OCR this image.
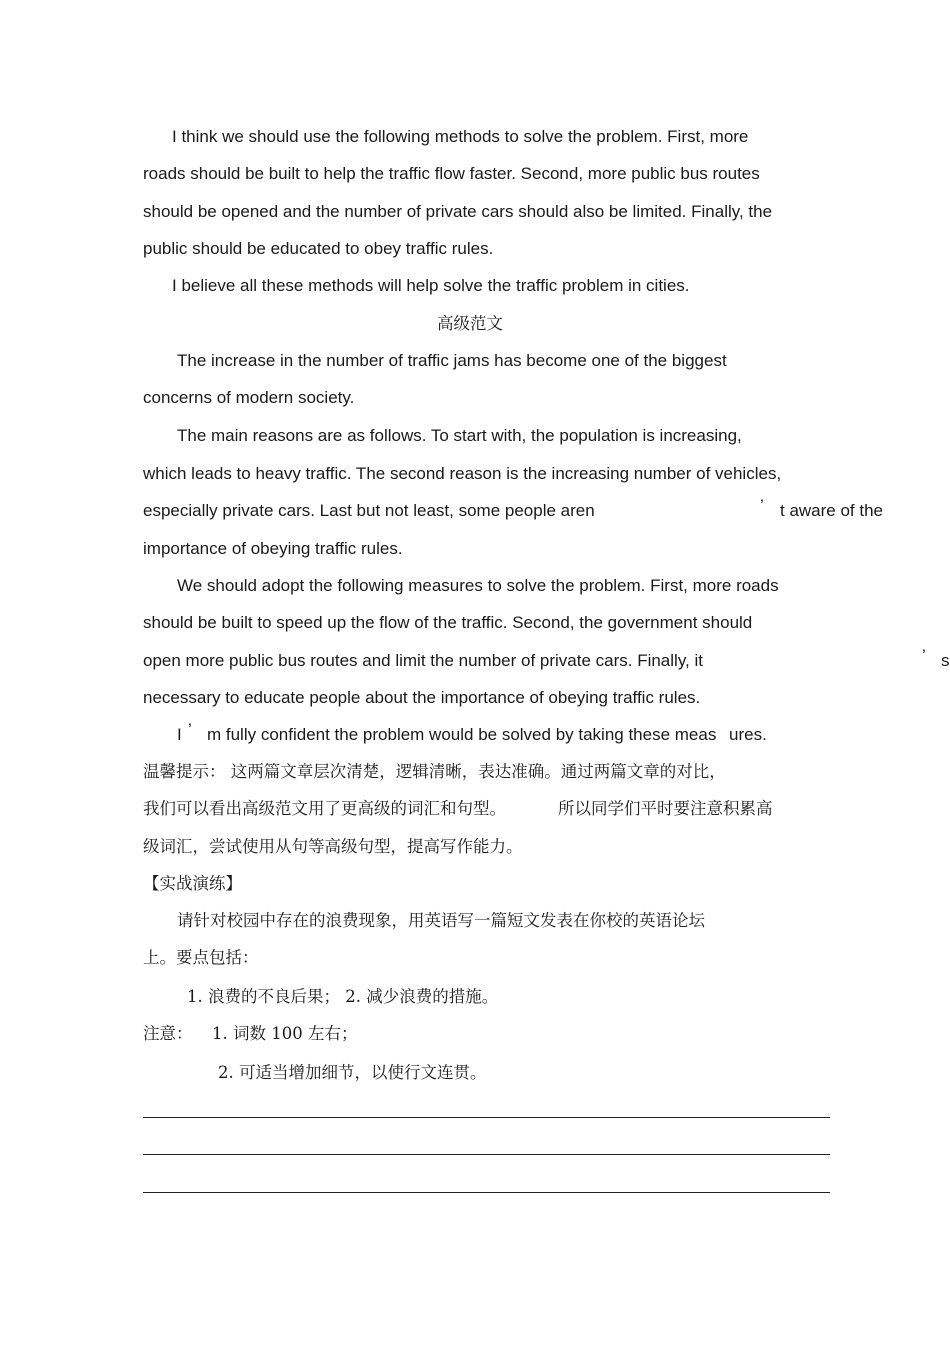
I think we should use the following methods to solve the problem. First, more
roads should be built to help the traffic flow faster. Second, more public bus routes
should be opened and the number of private cars should also be limited. Finally, the
public should be educated to obey traffic rules.
I believe all these methods will help solve the traffic problem in cities.
高级范文
The increase in the number of traffic jams has become one of the biggest
concerns of modern society.
The main reasons are as follows. To start with, the population is increasing,
which leads to heavy traffic. The second reason is the increasing number of vehicles,
especially private cars. Last but not least, some people aren	’ t aware of the
importance of obeying traffic rules.
We should adopt the following measures to solve the problem. First, more roads
should be built to speed up the flow of the traffic. Second, the government should
open more public bus routes and limit the number of private cars. Finally, it	’ s
necessary to educate people about the importance of obeying traffic rules.
I ’ m fully confident the problem would be solved by taking these meas ures.
温馨提示： 这两篇文章层次清楚，逻辑清晰，表达准确。通过两篇文章的对比，
我们可以看出高级范文用了更高级的词汇和句型。	所以同学们平时要注意积累高
级词汇，尝试使用从句等高级句型，提高写作能力。
【实战演练】
请针对校园中存在的浪费现象，用英语写一篇短文发表在你校的英语论坛
上。要点包括：
1. 浪费的不良后果； 2. 减少浪费的措施。
注意： 1. 词数 100 左右；
2. 可适当增加细节，以使行文连贯。
